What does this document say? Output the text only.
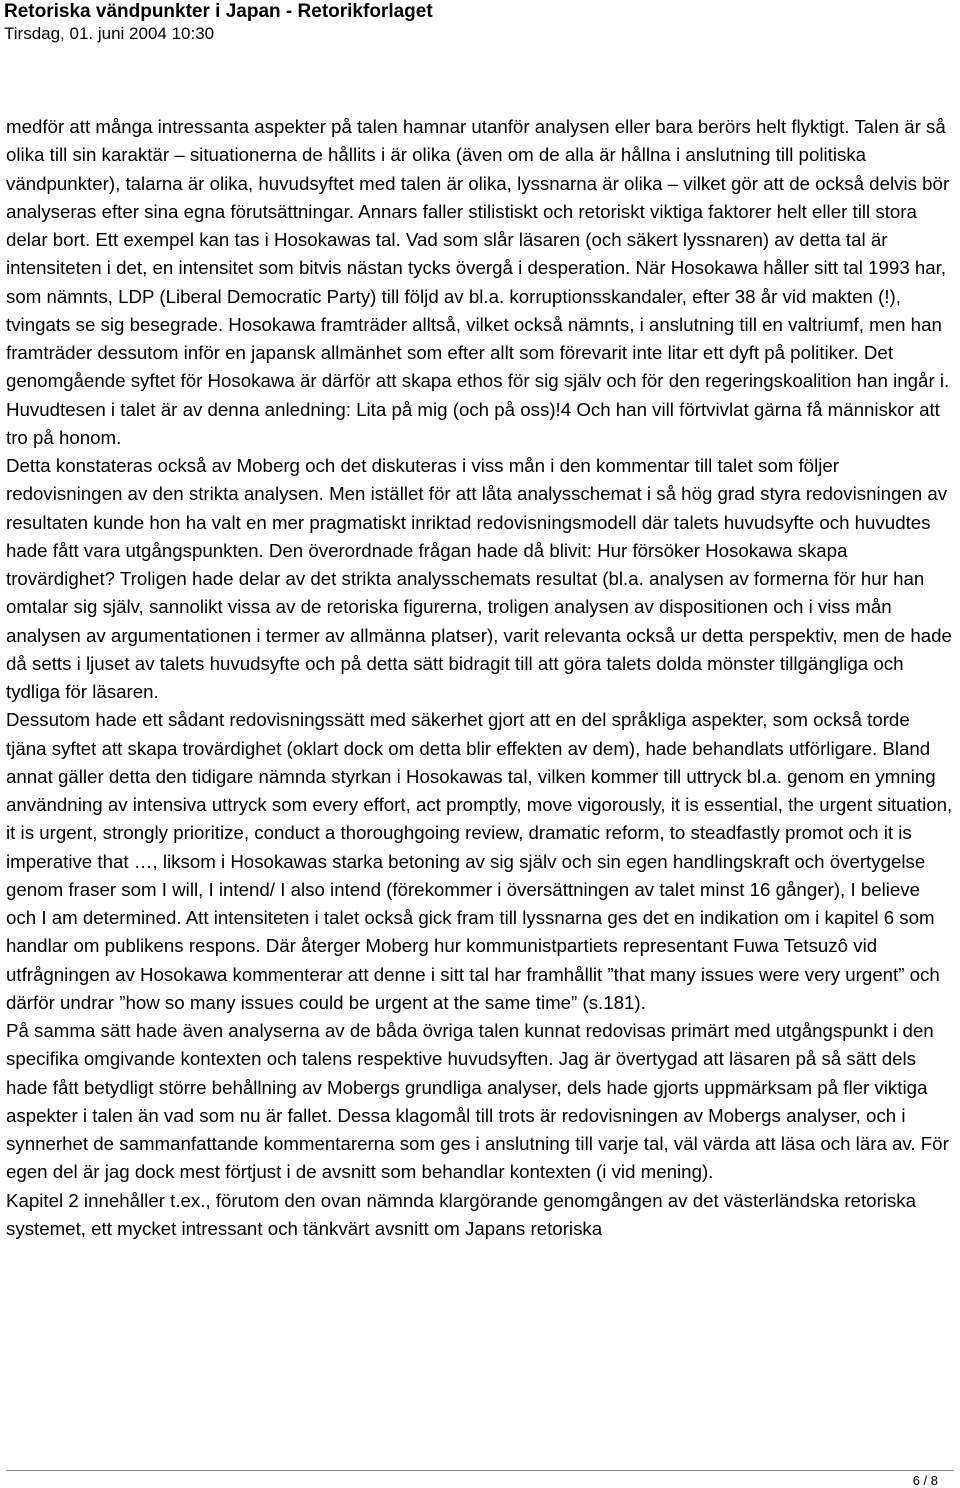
Retoriska vändpunkter i Japan - Retorikforlaget
Tirsdag, 01. juni 2004 10:30

medför att många intressanta aspekter på talen hamnar utanför analysen eller bara berörs helt flyktigt. Talen är så olika till sin karaktär – situationerna de hållits i är olika (även om de alla är hållna i anslutning till politiska vändpunkter), talarna är olika, huvudsyftet med talen är olika, lyssnarna är olika – vilket gör att de också delvis bör analyseras efter sina egna förutsättningar. Annars faller stilistiskt och retoriskt viktiga faktorer helt eller till stora delar bort. Ett exempel kan tas i Hosokawas tal. Vad som slår läsaren (och säkert lyssnaren) av detta tal är intensiteten i det, en intensitet som bitvis nästan tycks övergå i desperation. När Hosokawa håller sitt tal 1993 har, som nämnts, LDP (Liberal Democratic Party) till följd av bl.a. korruptionsskandaler, efter 38 år vid makten (!), tvingats se sig besegrade. Hosokawa framträder alltså, vilket också nämnts, i anslutning till en valtriumf, men han framträder dessutom inför en japansk allmänhet som efter allt som förevarit inte litar ett dyft på politiker. Det genomgående syftet för Hosokawa är därför att skapa ethos för sig själv och för den regeringskoalition han ingår i. Huvudtesen i talet är av denna anledning: Lita på mig (och på oss)!4 Och han vill förtvivlat gärna få människor att tro på honom.

Detta konstateras också av Moberg och det diskuteras i viss mån i den kommentar till talet som följer redovisningen av den strikta analysen. Men istället för att låta analysschemat i så hög grad styra redovisningen av resultaten kunde hon ha valt en mer pragmatiskt inriktad redovisningsmodell där talets huvudsyfte och huvudtes hade fått vara utgångspunkten. Den överordnade frågan hade då blivit: Hur försöker Hosokawa skapa trovärdighet? Troligen hade delar av det strikta analysschemats resultat (bl.a. analysen av formerna för hur han omtalar sig själv, sannolikt vissa av de retoriska figurerna, troligen analysen av dispositionen och i viss mån analysen av argumentationen i termer av allmänna platser), varit relevanta också ur detta perspektiv, men de hade då setts i ljuset av talets huvudsyfte och på detta sätt bidragit till att göra talets dolda mönster tillgängliga och tydliga för läsaren.

Dessutom hade ett sådant redovisningssätt med säkerhet gjort att en del språkliga aspekter, som också torde tjäna syftet att skapa trovärdighet (oklart dock om detta blir effekten av dem), hade behandlats utförligare. Bland annat gäller detta den tidigare nämnda styrkan i Hosokawas tal, vilken kommer till uttryck bl.a. genom en ymning användning av intensiva uttryck som every effort, act promptly, move vigorously, it is essential, the urgent situation, it is urgent, strongly prioritize, conduct a thoroughgoing review, dramatic reform, to steadfastly promot och it is imperative that …, liksom i Hosokawas starka betoning av sig själv och sin egen handlingskraft och övertygelse genom fraser som I will, I intend/ I also intend (förekommer i översättningen av talet minst 16 gånger), I believe och I am determined. Att intensiteten i talet också gick fram till lyssnarna ges det en indikation om i kapitel 6 som handlar om publikens respons. Där återger Moberg hur kommunistpartiets representant Fuwa Tetsuzô vid utfrågningen av Hosokawa kommenterar att denne i sitt tal har framhållit ”that many issues were very urgent” och därför undrar ”how so many issues could be urgent at the same time” (s.181).

På samma sätt hade även analyserna av de båda övriga talen kunnat redovisas primärt med utgångspunkt i den specifika omgivande kontexten och talens respektive huvudsyften. Jag är övertygad att läsaren på så sätt dels hade fått betydligt större behållning av Mobergs grundliga analyser, dels hade gjorts uppmärksam på fler viktiga aspekter i talen än vad som nu är fallet. Dessa klagomål till trots är redovisningen av Mobergs analyser, och i synnerhet de sammanfattande kommentarerna som ges i anslutning till varje tal, väl värda att läsa och lära av. För egen del är jag dock mest förtjust i de avsnitt som behandlar kontexten (i vid mening).

Kapitel 2 innehåller t.ex., förutom den ovan nämnda klargörande genomgången av det västerländska retoriska systemet, ett mycket intressant och tänkvärt avsnitt om Japans retoriska

6 / 8
